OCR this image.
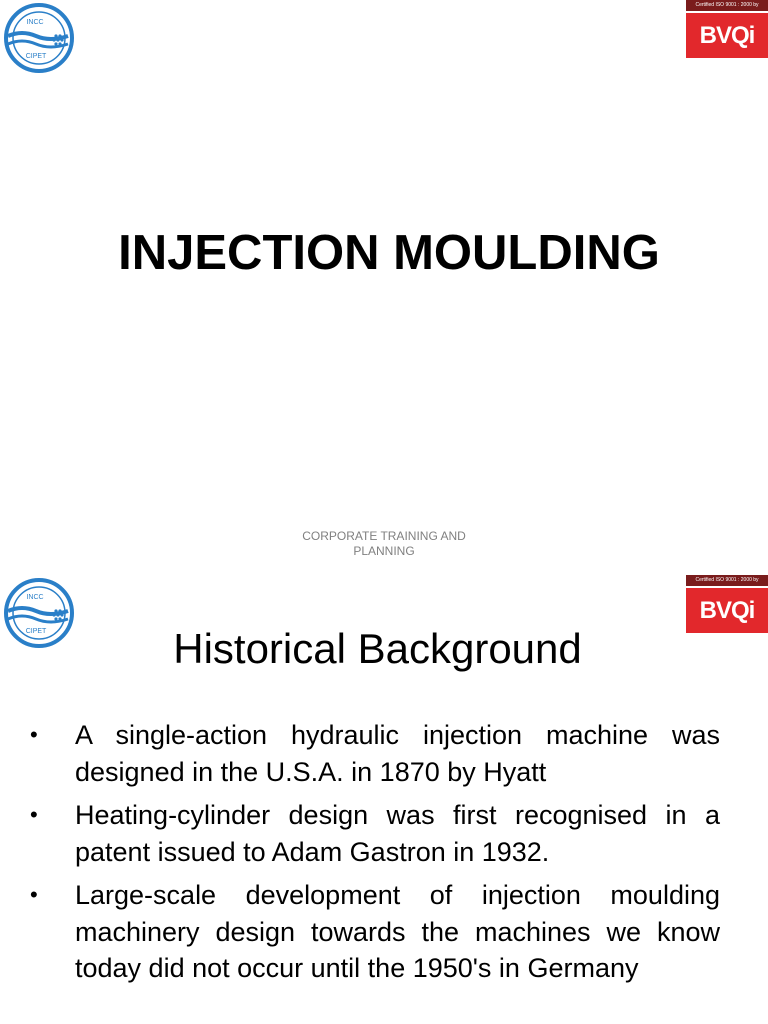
INCC
CIPET
Certified ISO 9001 : 2000 by
BVQi
INJECTION MOULDING
CORPORATE TRAINING AND PLANNING
INCC
CIPET
Certified ISO 9001 : 2000 by
BVQi
Historical Background
• A single-action hydraulic injection machine was designed in the U.S.A. in 1870 by Hyatt
• Heating-cylinder design was first recognised in a patent issued to Adam Gastron in 1932.
• Large-scale development of injection moulding machinery design towards the machines we know today did not occur until the 1950's in Germany
